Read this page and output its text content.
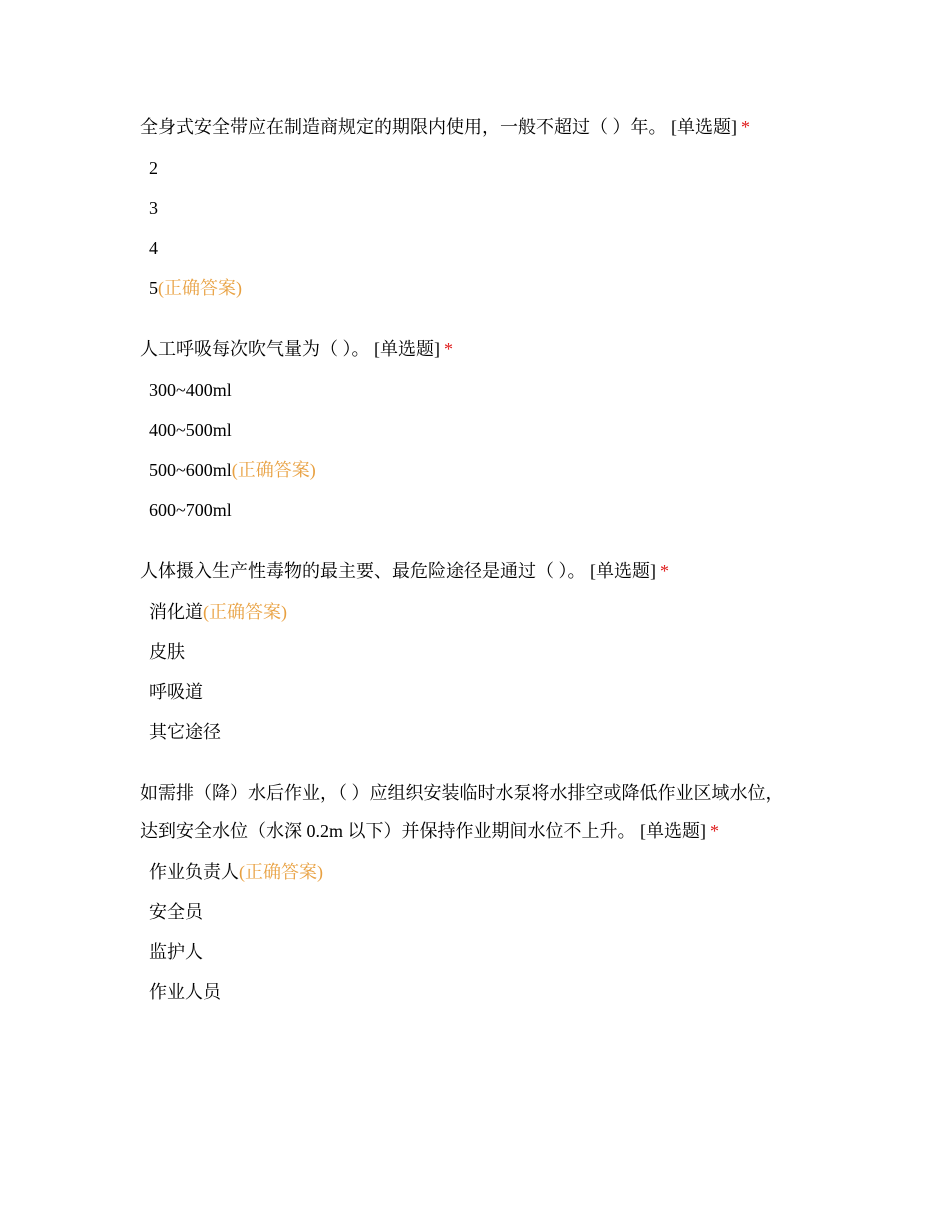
全身式安全带应在制造商规定的期限内使用，一般不超过（ ）年。 [单选题] *

2
3
4
5(正确答案)

人工呼吸每次吹气量为（ ）。 [单选题] *

300~400ml
400~500ml
500~600ml(正确答案)
600~700ml

人体摄入生产性毒物的最主要、最危险途径是通过（ ）。 [单选题] *

消化道(正确答案)
皮肤
呼吸道
其它途径

如需排（降）水后作业，（ ）应组织安装临时水泵将水排空或降低作业区域水位，达到安全水位（水深 0.2m 以下）并保持作业期间水位不上升。 [单选题] *

作业负责人(正确答案)
安全员
监护人
作业人员
